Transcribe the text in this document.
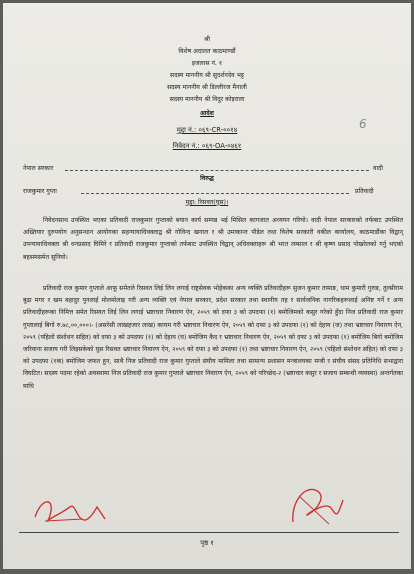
श्री
विशेष अदालत काठमाण्डौं
इजलास नं. १
सदस्य माननीय श्री सुदर्शनदेव भट्ट
सदस्य माननीय श्री डिल्लीरज मैनाली
सदस्य माननीय श्री विदुर कोइराला
आदेश
मुद्दा नं.: ०६९-CR-००१४
निवेदन नं.: ०६९-OA-०४६१
6
नेपाल सरकार	वादी
विरुद्ध
राजकुमार गुप्ता	प्रतिवादी
मुद्दा: रिसवत(घुस)।
निवेदनसाथ उपस्थित भएका प्रतिवादी राजकुमार गुप्ताको बयान कार्य सम्पन्न भई मिसिल कागजात अध्ययन गरियो। वादी नेपाल सरकारको तर्फबाट उपस्थित अख्तियार दुरुपयोग अनुसन्धान आयोगका सहन्यायाधिवक्ताद्व श्री गोविन्द खनाल र श्री उमाकान्त पौडेल तथा विशेष सरकारी वकील कार्यालय, काठमाडौंका विद्वान् उपन्यायाधिवक्ता श्री धनप्रसाद घिमिरे र प्रतिवादी राजकुमार गुप्ताको तर्फबाट उपस्थित विद्वान् अधिवक्ताहरू श्री भरत लम्साल र श्री कृष्ण प्रसाद पोखरेलको गर्नु भएको बहसमसमेत सुनियो।
प्रतिवादी राज कुमार गुप्ताले आफू समेतले रिसवत लिई लिन लगाई राष्ट्रसेवक भोहेकका अन्य व्यक्ति प्रतिवादीहरू सुजन कुमार तामाङ, धाम कुमारी गुरुङ, तुल्सीराम बुढा मगर र खम बहादुर पुनलाई मोलमोलाइ गरी अन्य व्यक्ति एवं नेपाल सरकार, प्रदेश सरकार तथा स्थानीय तह र सार्वजनिक नागरिकहरूलाई अनिष्ट गर्ने र अन्य प्रतिवादीहरूका निमित्त समेत रिसवत लिई लिन लगाई भ्रष्टाचार निवारण ऐन, २०५९ को दफा ३ को उपदफा (१) बमोजिमको कसुर गरेको हुँदा निज प्रतिवादी राज कुमार गुप्तालाई बिगो रु.७८,००,०००।- (असरेसी लाखहजार लाख) कायम गरी भ्रष्टाचार निवारण ऐन, २०५९ को दफा ३ को उपदफा (१) को देहाय (ज) तथा भ्रष्टाचार निवारण ऐन, २०५९ (पहिलो संशोधन सहित) को दफा ३ को उपदफा (१) को देहाय (घ) बमोजिम कैद र भ्रष्टाचार निवारण ऐन, २०५९ को दफा ३ को उपदफा (१) बमोजिम बिगो बमोजिम जरिवाना सजाय गरी लिइसकेको घुस रिसवत भ्रष्टाचार निवारण ऐन, २०५९ को दफा ३ को उपदफा (१) तथा भ्रष्टाचार निवारण ऐन, २०५९ (पहिलो संशोधन सहित) को दफा ३ को उपदफा (१क) बमोजिम जफत हुन, साथै निज प्रतिवादी राज कुमार गुप्ताले संघीय मामिला तथा सामान्य प्रशासन मन्त्रालयका मन्त्री र संघीय संसद प्रतिनिधि सभाद्वारा विघटित। सदस्य पदमा रहेको अवस्थामा निज प्रतिवादी राज कुमार गुप्ताले भ्रष्टाचार निवारण ऐन, २०५९ को परिच्छेद-२ (भ्रष्टाचार कसुर र सजाय सम्बन्धी व्यवस्था) अन्तर्गतका माथि
पृष्ठ १
